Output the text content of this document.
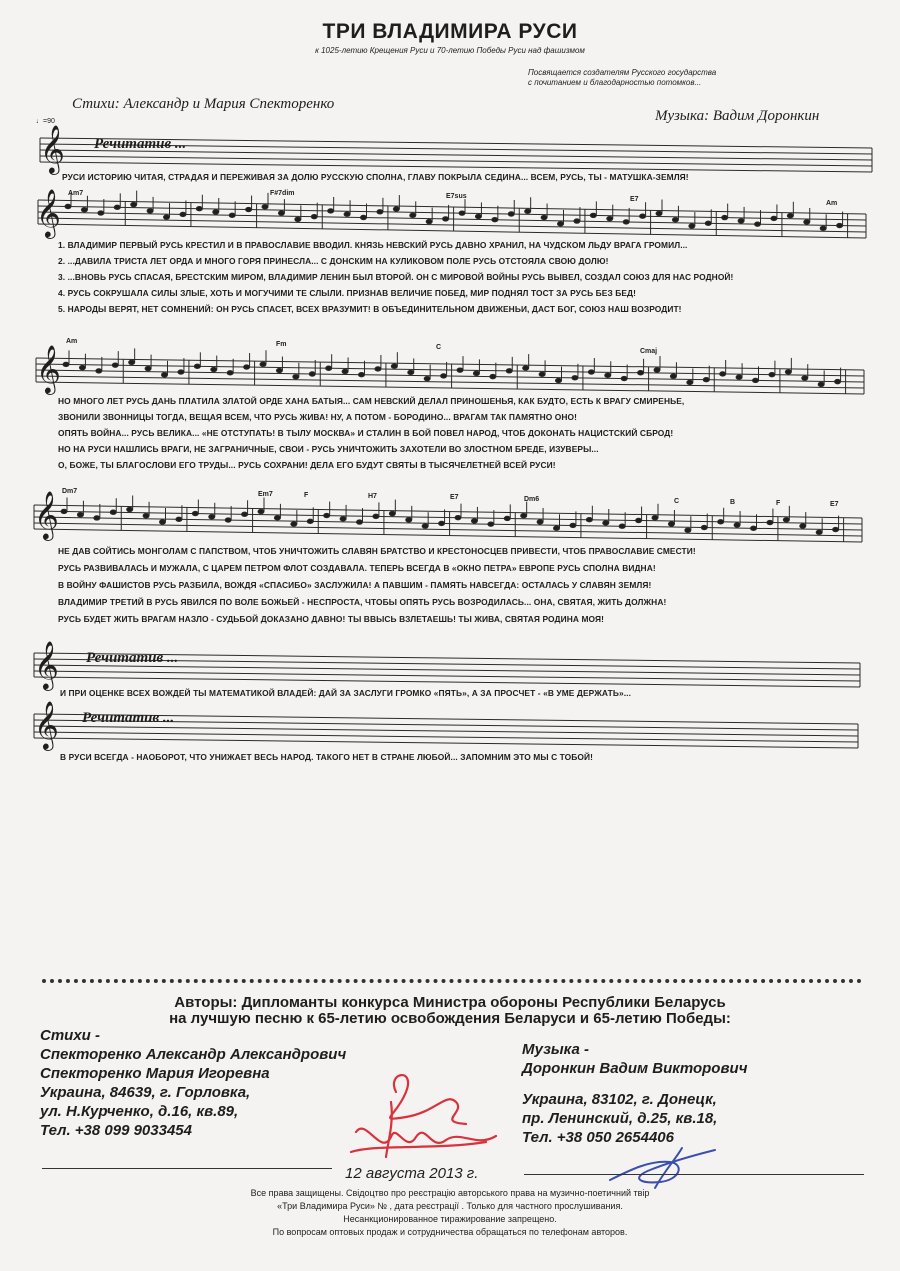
ТРИ ВЛАДИМИРА РУСИ
к 1025-летию Крещения Руси и 70-летию Победы Руси над фашизмом
Посвящается создателям Русского государства
с почитанием и благодарностью потомков...
Стихи: Александр и Мария Спекторенко
Музыка: Вадим Доронкин
♩=90
𝄞
𝄞
𝄞
𝄞
𝄞
𝄞
Речитатив ...
Речитатив ...
Речитатив ...
РУСИ ИСТОРИЮ ЧИТАЯ, СТРАДАЯ И ПЕРЕЖИВАЯ ЗА ДОЛЮ РУССКУЮ СПОЛНА, ГЛАВУ ПОКРЫЛА СЕДИНА... ВСЕМ, РУСЬ, ТЫ - МАТУШКА-ЗЕМЛЯ!
И ПРИ ОЦЕНКЕ ВСЕХ ВОЖДЕЙ ТЫ МАТЕМАТИКОЙ ВЛАДЕЙ: ДАЙ ЗА ЗАСЛУГИ ГРОМКО «ПЯТЬ», А ЗА ПРОСЧЕТ - «В УМЕ ДЕРЖАТЬ»...
В РУСИ ВСЕГДА - НАОБОРОТ, ЧТО УНИЖАЕТ ВЕСЬ НАРОД. ТАКОГО НЕТ В СТРАНЕ ЛЮБОЙ... ЗАПОМНИМ ЭТО МЫ С ТОБОЙ!
Am7	F#7dim	E7sus	E7
Am
Am	Fm	C
Cmaj
Dm7	Em7	F	H7	E7	Dm6	C	B	F	E7
1. ВЛАДИМИР ПЕРВЫЙ РУСЬ КРЕСТИЛ И В ПРАВОСЛАВИЕ ВВОДИЛ. КНЯЗЬ НЕВСКИЙ РУСЬ ДАВНО ХРАНИЛ, НА ЧУДСКОМ ЛЬДУ ВРАГА ГРОМИЛ...
2. ...ДАВИЛА ТРИСТА ЛЕТ ОРДА И МНОГО ГОРЯ ПРИНЕСЛА... С ДОНСКИМ НА КУЛИКОВОМ ПОЛЕ РУСЬ ОТСТОЯЛА СВОЮ ДОЛЮ!
3. ...ВНОВЬ РУСЬ СПАСАЯ, БРЕСТСКИМ МИРОМ, ВЛАДИМИР ЛЕНИН БЫЛ ВТОРОЙ. ОН С МИРОВОЙ ВОЙНЫ РУСЬ ВЫВЕЛ, СОЗДАЛ СОЮЗ ДЛЯ НАС РОДНОЙ!
4. РУСЬ СОКРУШАЛА СИЛЫ ЗЛЫЕ, ХОТЬ И МОГУЧИМИ ТЕ СЛЫЛИ. ПРИЗНАВ ВЕЛИЧИЕ ПОБЕД, МИР ПОДНЯЛ ТОСТ ЗА РУСЬ БЕЗ БЕД!
5. НАРОДЫ ВЕРЯТ, НЕТ СОМНЕНИЙ: ОН РУСЬ СПАСЕТ, ВСЕХ ВРАЗУМИТ! В ОБЪЕДИНИТЕЛЬНОМ ДВИЖЕНЬИ, ДАСТ БОГ, СОЮЗ НАШ ВОЗРОДИТ!
НО МНОГО ЛЕТ РУСЬ ДАНЬ ПЛАТИЛА ЗЛАТОЙ ОРДЕ ХАНА БАТЫЯ... САМ НЕВСКИЙ ДЕЛАЛ ПРИНОШЕНЬЯ, КАК БУДТО, ЕСТЬ К ВРАГУ СМИРЕНЬЕ,
ЗВОНИЛИ ЗВОННИЦЫ ТОГДА, ВЕЩАЯ ВСЕМ, ЧТО РУСЬ ЖИВА! НУ, А ПОТОМ - БОРОДИНО... ВРАГАМ ТАК ПАМЯТНО ОНО!
ОПЯТЬ ВОЙНА... РУСЬ ВЕЛИКА... «НЕ ОТСТУПАТЬ! В ТЫЛУ МОСКВА» И СТАЛИН В БОЙ ПОВЕЛ НАРОД, ЧТОБ ДОКОНАТЬ НАЦИСТСКИЙ СБРОД!
НО НА РУСИ НАШЛИСЬ ВРАГИ, НЕ ЗАГРАНИЧНЫЕ, СВОИ - РУСЬ УНИЧТОЖИТЬ ЗАХОТЕЛИ ВО ЗЛОСТНОМ БРЕДЕ, ИЗУВЕРЫ...
О, БОЖЕ, ТЫ БЛАГОСЛОВИ ЕГО ТРУДЫ... РУСЬ СОХРАНИ! ДЕЛА ЕГО БУДУТ СВЯТЫ В ТЫСЯЧЕЛЕТНЕЙ ВСЕЙ РУСИ!
НЕ ДАВ СОЙТИСЬ МОНГОЛАМ С ПАПСТВОМ, ЧТОБ УНИЧТОЖИТЬ СЛАВЯН БРАТСТВО И КРЕСТОНОСЦЕВ ПРИВЕСТИ, ЧТОБ ПРАВОСЛАВИЕ СМЕСТИ!
РУСЬ РАЗВИВАЛАСЬ И МУЖАЛА, С ЦАРЕМ ПЕТРОМ ФЛОТ СОЗДАВАЛА. ТЕПЕРЬ ВСЕГДА В «ОКНО ПЕТРА» ЕВРОПЕ РУСЬ СПОЛНА ВИДНА!
В ВОЙНУ ФАШИСТОВ РУСЬ РАЗБИЛА, ВОЖДЯ «СПАСИБО» ЗАСЛУЖИЛА! А ПАВШИМ - ПАМЯТЬ НАВСЕГДА: ОСТАЛАСЬ У СЛАВЯН ЗЕМЛЯ!
ВЛАДИМИР ТРЕТИЙ В РУСЬ ЯВИЛСЯ ПО ВОЛЕ БОЖЬЕЙ - НЕСПРОСТА, ЧТОБЫ ОПЯТЬ РУСЬ ВОЗРОДИЛАСЬ... ОНА, СВЯТАЯ, ЖИТЬ ДОЛЖНА!
РУСЬ БУДЕТ ЖИТЬ ВРАГАМ НАЗЛО - СУДЬБОЙ ДОКАЗАНО ДАВНО! ТЫ ВВЫСЬ ВЗЛЕТАЕШЬ! ТЫ ЖИВА, СВЯТАЯ РОДИНА МОЯ!
Авторы: Дипломанты конкурса Министра обороны Республики Беларусь
на лучшую песню к 65-летию освобождения Беларуси и 65-летию Победы:
Стихи -
Спекторенко Александр Александрович
Спекторенко Мария Игоревна
Украина, 84639, г. Горловка,
ул. Н.Курченко, д.16, кв.89,
Тел. +38 099 9033454
Музыка -
Доронкин Вадим Викторович
Украина, 83102, г. Донецк,
пр. Ленинский, д.25, кв.18,
Тел. +38 050 2654406
12 августа 2013 г.
Все права защищены. Свідоцтво про реєстрацію авторського права на музично-поетичний твір
«Три Владимира Руси» № , дата реєстрації . Только для частного прослушивания.
Несанкционированное тиражирование запрещено.
По вопросам оптовых продаж и сотрудничества обращаться по телефонам авторов.
